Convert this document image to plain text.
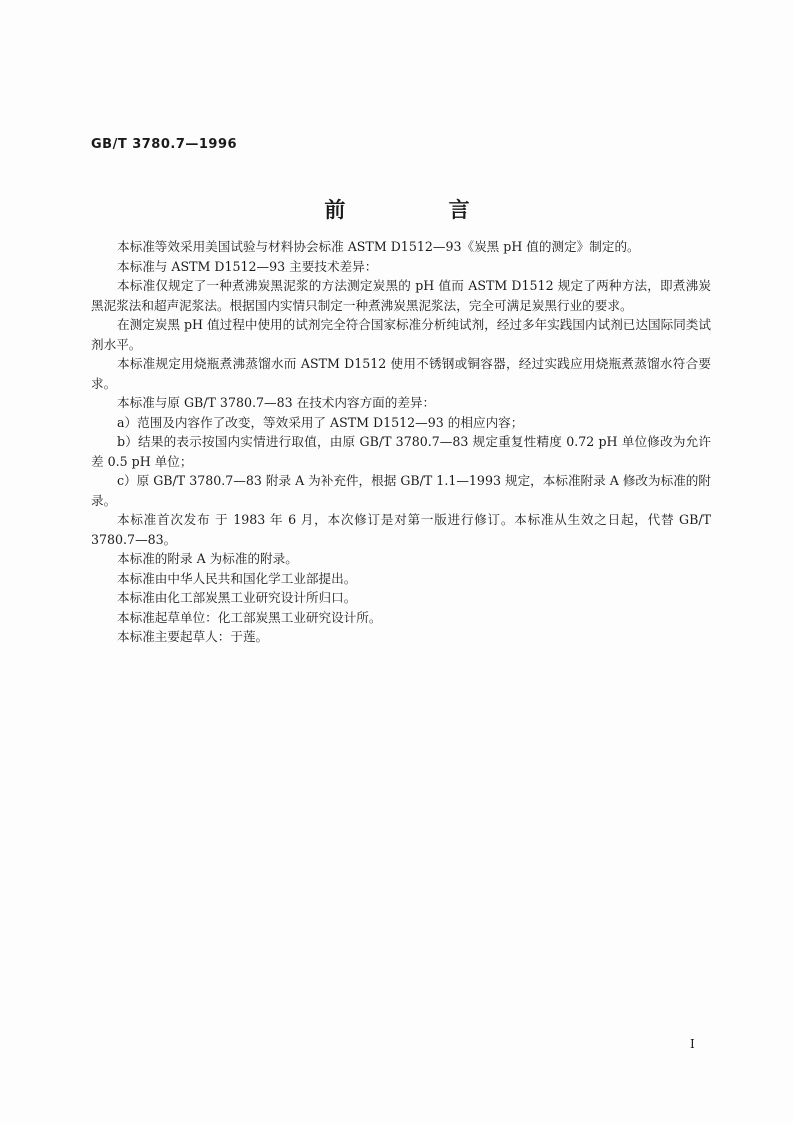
GB/T 3780.7—1996
前 言

本标准等效采用美国试验与材料协会标准 ASTM D1512—93《炭黑 pH 值的测定》制定的。

本标准与 ASTM D1512—93 主要技术差异：

本标准仅规定了一种煮沸炭黑泥浆的方法测定炭黑的 pH 值而 ASTM D1512 规定了两种方法，即煮沸炭黑泥浆法和超声泥浆法。根据国内实情只制定一种煮沸炭黑泥浆法，完全可满足炭黑行业的要求。

在测定炭黑 pH 值过程中使用的试剂完全符合国家标准分析纯试剂，经过多年实践国内试剂已达国际同类试剂水平。

本标准规定用烧瓶煮沸蒸馏水而 ASTM D1512 使用不锈钢或铜容器，经过实践应用烧瓶煮蒸馏水符合要求。

本标准与原 GB/T 3780.7—83 在技术内容方面的差异：

a）范围及内容作了改变，等效采用了 ASTM D1512—93 的相应内容；

b）结果的表示按国内实情进行取值，由原 GB/T 3780.7—83 规定重复性精度 0.72 pH 单位修改为允许差 0.5 pH 单位；

c）原 GB/T 3780.7—83 附录 A 为补充件，根据 GB/T 1.1—1993 规定，本标准附录 A 修改为标准的附录。

本标准首次发布 于 1983 年 6 月，本次修订是对第一版进行修订。本标准从生效之日起，代替 GB/T 3780.7—83。

本标准的附录 A 为标准的附录。

本标准由中华人民共和国化学工业部提出。

本标准由化工部炭黑工业研究设计所归口。

本标准起草单位：化工部炭黑工业研究设计所。

本标准主要起草人：于莲。

I
